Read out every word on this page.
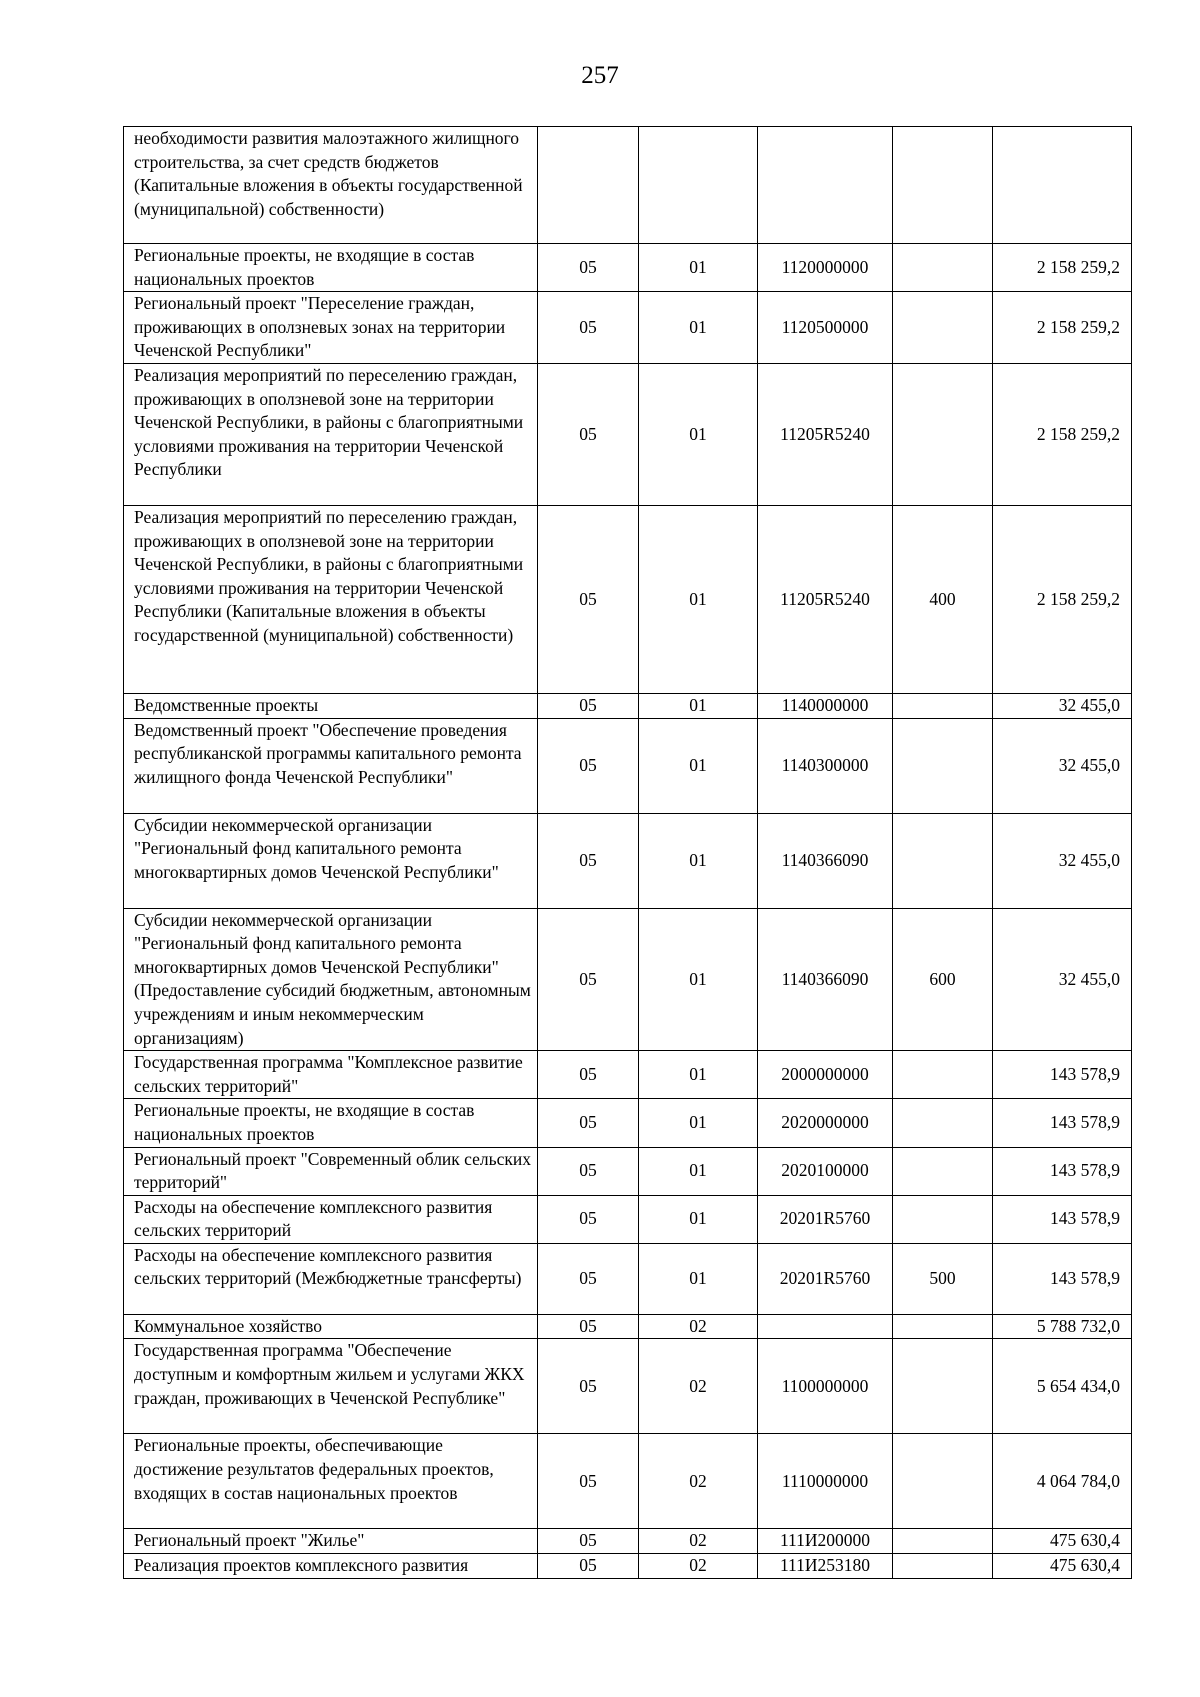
257
необходимости развития малоэтажного жилищного строительства, за счет средств бюджетов (Капитальные вложения в объекты государственной (муниципальной) собственности)					
Региональные проекты, не входящие в состав национальных проектов	05	01	1120000000		2 158 259,2
Региональный проект "Переселение граждан, проживающих в оползневых зонах на территории Чеченской Республики"	05	01	1120500000		2 158 259,2
Реализация мероприятий по переселению граждан, проживающих в оползневой зоне на территории Чеченской Республики, в районы с благоприятными условиями проживания на территории Чеченской Республики	05	01	11205R5240		2 158 259,2
Реализация мероприятий по переселению граждан, проживающих в оползневой зоне на территории Чеченской Республики, в районы с благоприятными условиями проживания на территории Чеченской Республики (Капитальные вложения в объекты государственной (муниципальной) собственности)	05	01	11205R5240	400	2 158 259,2
Ведомственные проекты	05	01	1140000000		32 455,0
Ведомственный проект "Обеспечение проведения республиканской программы капитального ремонта жилищного фонда Чеченской Республики"	05	01	1140300000		32 455,0
Субсидии некоммерческой организации "Региональный фонд капитального ремонта многоквартирных домов Чеченской Республики"	05	01	1140366090		32 455,0
Субсидии некоммерческой организации "Региональный фонд капитального ремонта многоквартирных домов Чеченской Республики" (Предоставление субсидий бюджетным, автономным учреждениям и иным некоммерческим организациям)	05	01	1140366090	600	32 455,0
Государственная программа "Комплексное развитие сельских территорий"	05	01	2000000000		143 578,9
Региональные проекты, не входящие в состав национальных проектов	05	01	2020000000		143 578,9
Региональный проект "Современный облик сельских территорий"	05	01	2020100000		143 578,9
Расходы на обеспечение комплексного развития сельских территорий	05	01	20201R5760		143 578,9
Расходы на обеспечение комплексного развития сельских территорий (Межбюджетные трансферты)	05	01	20201R5760	500	143 578,9
Коммунальное хозяйство	05	02			5 788 732,0
Государственная программа "Обеспечение доступным и комфортным жильем и услугами ЖКХ граждан, проживающих в Чеченской Республике"	05	02	1100000000		5 654 434,0
Региональные проекты, обеспечивающие достижение результатов федеральных проектов, входящих в состав национальных проектов	05	02	1110000000		4 064 784,0
Региональный проект "Жилье"	05	02	111И200000		475 630,4
Реализация проектов комплексного развития	05	02	111И253180		475 630,4
